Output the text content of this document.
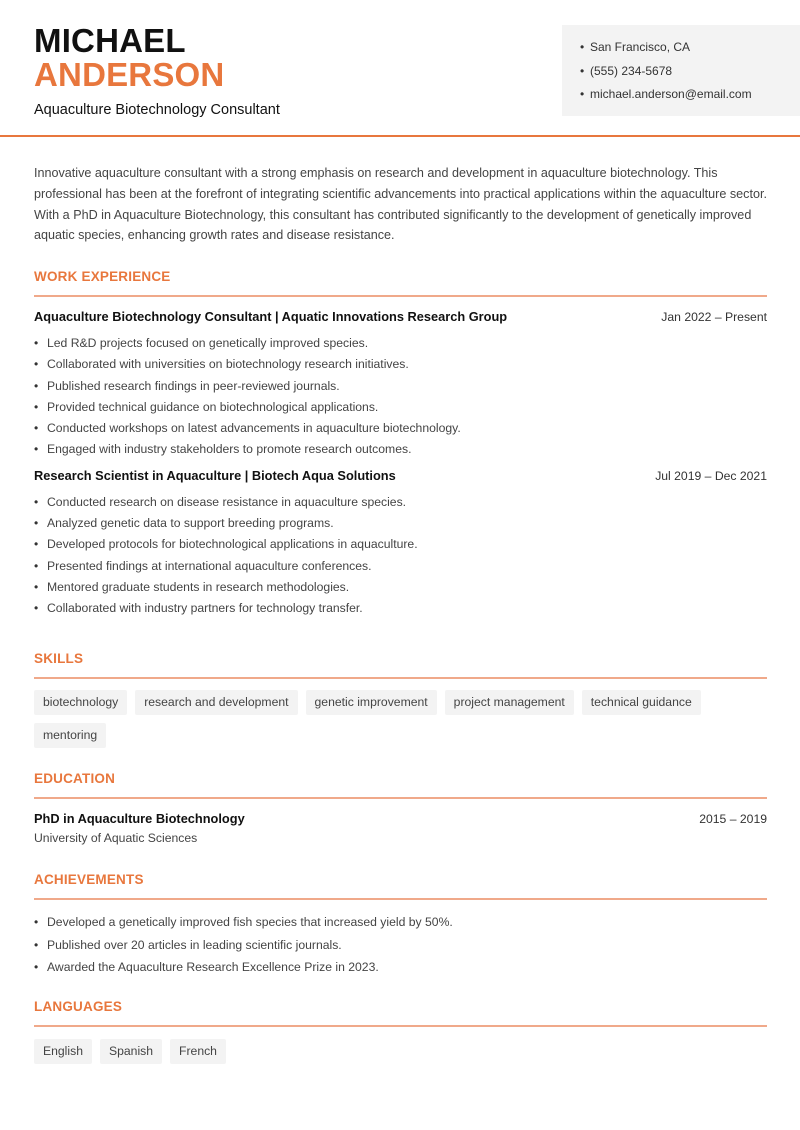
MICHAEL
ANDERSON
Aquaculture Biotechnology Consultant
• San Francisco, CA
• (555) 234-5678
• michael.anderson@email.com
Innovative aquaculture consultant with a strong emphasis on research and development in aquaculture biotechnology. This professional has been at the forefront of integrating scientific advancements into practical applications within the aquaculture sector. With a PhD in Aquaculture Biotechnology, this consultant has contributed significantly to the development of genetically improved aquatic species, enhancing growth rates and disease resistance.
WORK EXPERIENCE
Aquaculture Biotechnology Consultant | Aquatic Innovations Research Group	Jan 2022 – Present
• Led R&D projects focused on genetically improved species.
• Collaborated with universities on biotechnology research initiatives.
• Published research findings in peer-reviewed journals.
• Provided technical guidance on biotechnological applications.
• Conducted workshops on latest advancements in aquaculture biotechnology.
• Engaged with industry stakeholders to promote research outcomes.
Research Scientist in Aquaculture | Biotech Aqua Solutions	Jul 2019 – Dec 2021
• Conducted research on disease resistance in aquaculture species.
• Analyzed genetic data to support breeding programs.
• Developed protocols for biotechnological applications in aquaculture.
• Presented findings at international aquaculture conferences.
• Mentored graduate students in research methodologies.
• Collaborated with industry partners for technology transfer.
SKILLS
biotechnology	research and development	genetic improvement	project management	technical guidance
mentoring
EDUCATION
PhD in Aquaculture Biotechnology	2015 – 2019
University of Aquatic Sciences
ACHIEVEMENTS
• Developed a genetically improved fish species that increased yield by 50%.
• Published over 20 articles in leading scientific journals.
• Awarded the Aquaculture Research Excellence Prize in 2023.
LANGUAGES
English	Spanish	French
